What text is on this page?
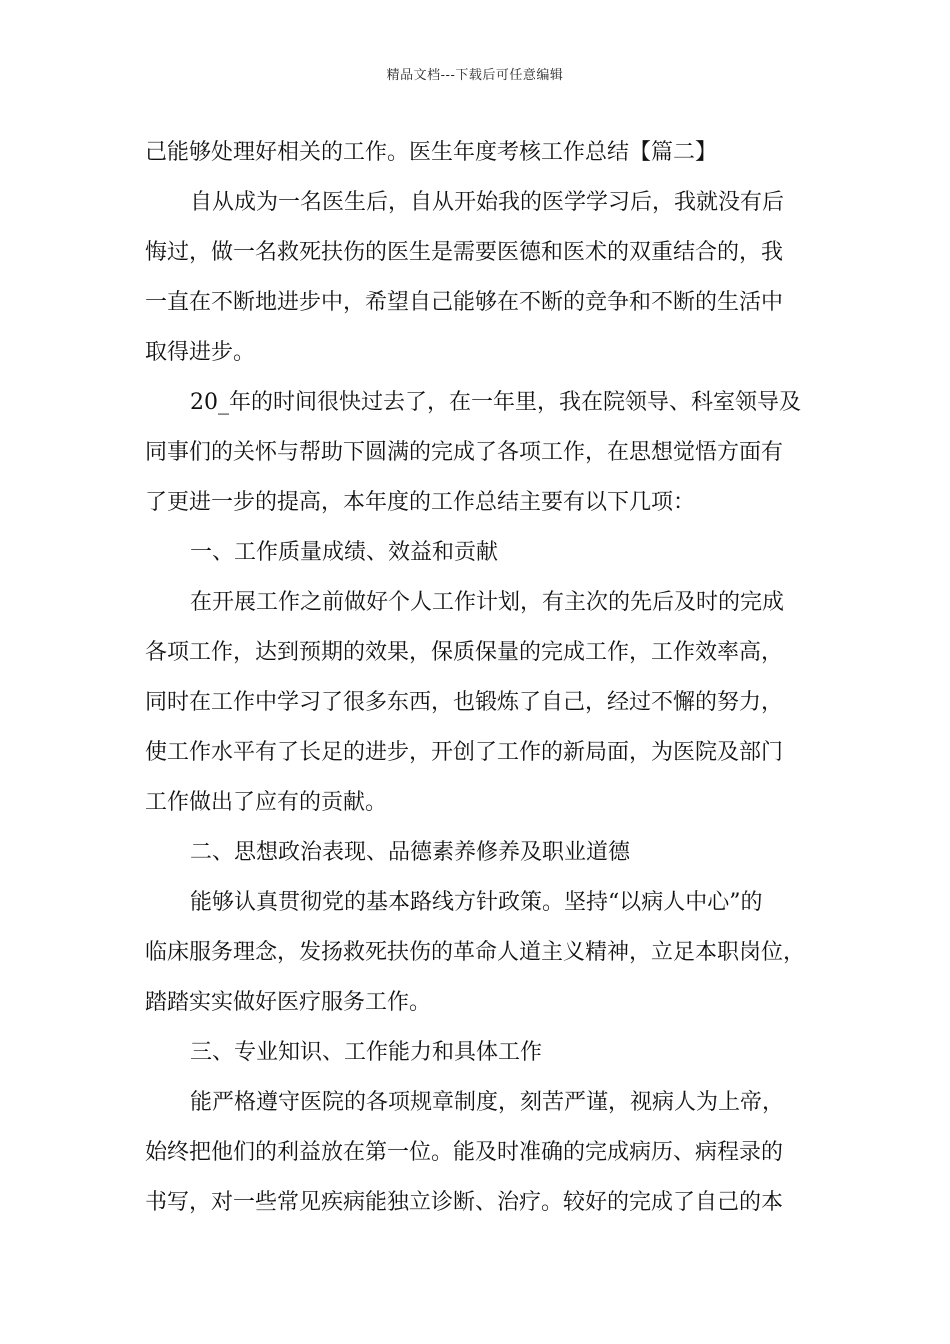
精品文档---下载后可任意编辑
己能够处理好相关的工作。医生年度考核工作总结【篇二】
自从成为一名医生后，自从开始我的医学学习后，我就没有后
悔过，做一名救死扶伤的医生是需要医德和医术的双重结合的，我
一直在不断地进步中，希望自己能够在不断的竞争和不断的生活中
取得进步。
20_年的时间很快过去了，在一年里，我在院领导、科室领导及
同事们的关怀与帮助下圆满的完成了各项工作，在思想觉悟方面有
了更进一步的提高，本年度的工作总结主要有以下几项：
一、工作质量成绩、效益和贡献
在开展工作之前做好个人工作计划，有主次的先后及时的完成
各项工作，达到预期的效果，保质保量的完成工作，工作效率高，
同时在工作中学习了很多东西，也锻炼了自己，经过不懈的努力，
使工作水平有了长足的进步，开创了工作的新局面，为医院及部门
工作做出了应有的贡献。
二、思想政治表现、品德素养修养及职业道德
能够认真贯彻党的基本路线方针政策。坚持“以病人中心”的
临床服务理念，发扬救死扶伤的革命人道主义精神，立足本职岗位，
踏踏实实做好医疗服务工作。
三、专业知识、工作能力和具体工作
能严格遵守医院的各项规章制度，刻苦严谨，视病人为上帝，
始终把他们的利益放在第一位。能及时准确的完成病历、病程录的
书写，对一些常见疾病能独立诊断、治疗。较好的完成了自己的本
